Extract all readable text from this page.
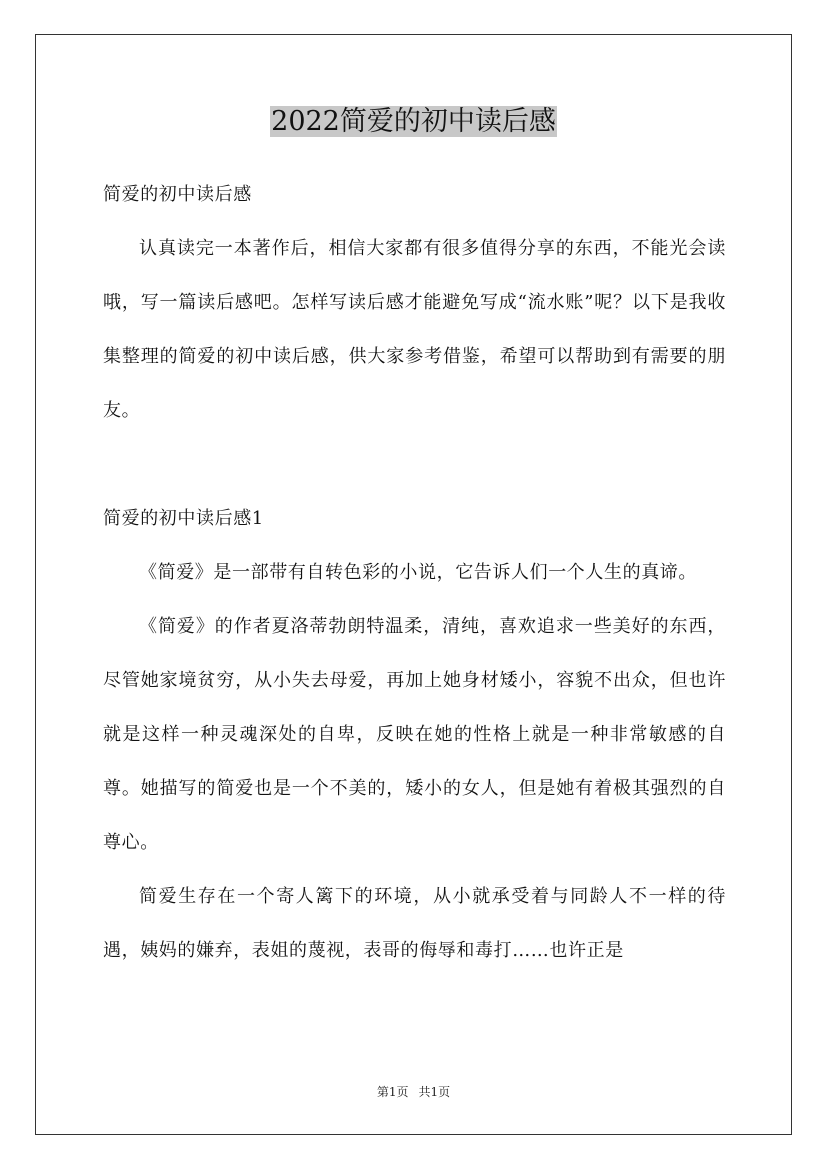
2022简爱的初中读后感

简爱的初中读后感

认真读完一本著作后，相信大家都有很多值得分享的东西，不能光会读哦，写一篇读后感吧。怎样写读后感才能避免写成“流水账”呢？以下是我收集整理的简爱的初中读后感，供大家参考借鉴，希望可以帮助到有需要的朋友。

简爱的初中读后感1

《简爱》是一部带有自转色彩的小说，它告诉人们一个人生的真谛。

《简爱》的作者夏洛蒂勃朗特温柔，清纯，喜欢追求一些美好的东西，尽管她家境贫穷，从小失去母爱，再加上她身材矮小，容貌不出众，但也许就是这样一种灵魂深处的自卑，反映在她的性格上就是一种非常敏感的自尊。她描写的简爱也是一个不美的，矮小的女人，但是她有着极其强烈的自尊心。

简爱生存在一个寄人篱下的环境，从小就承受着与同龄人不一样的待遇，姨妈的嫌弃，表姐的蔑视，表哥的侮辱和毒打……也许正是

第1页 共1页
